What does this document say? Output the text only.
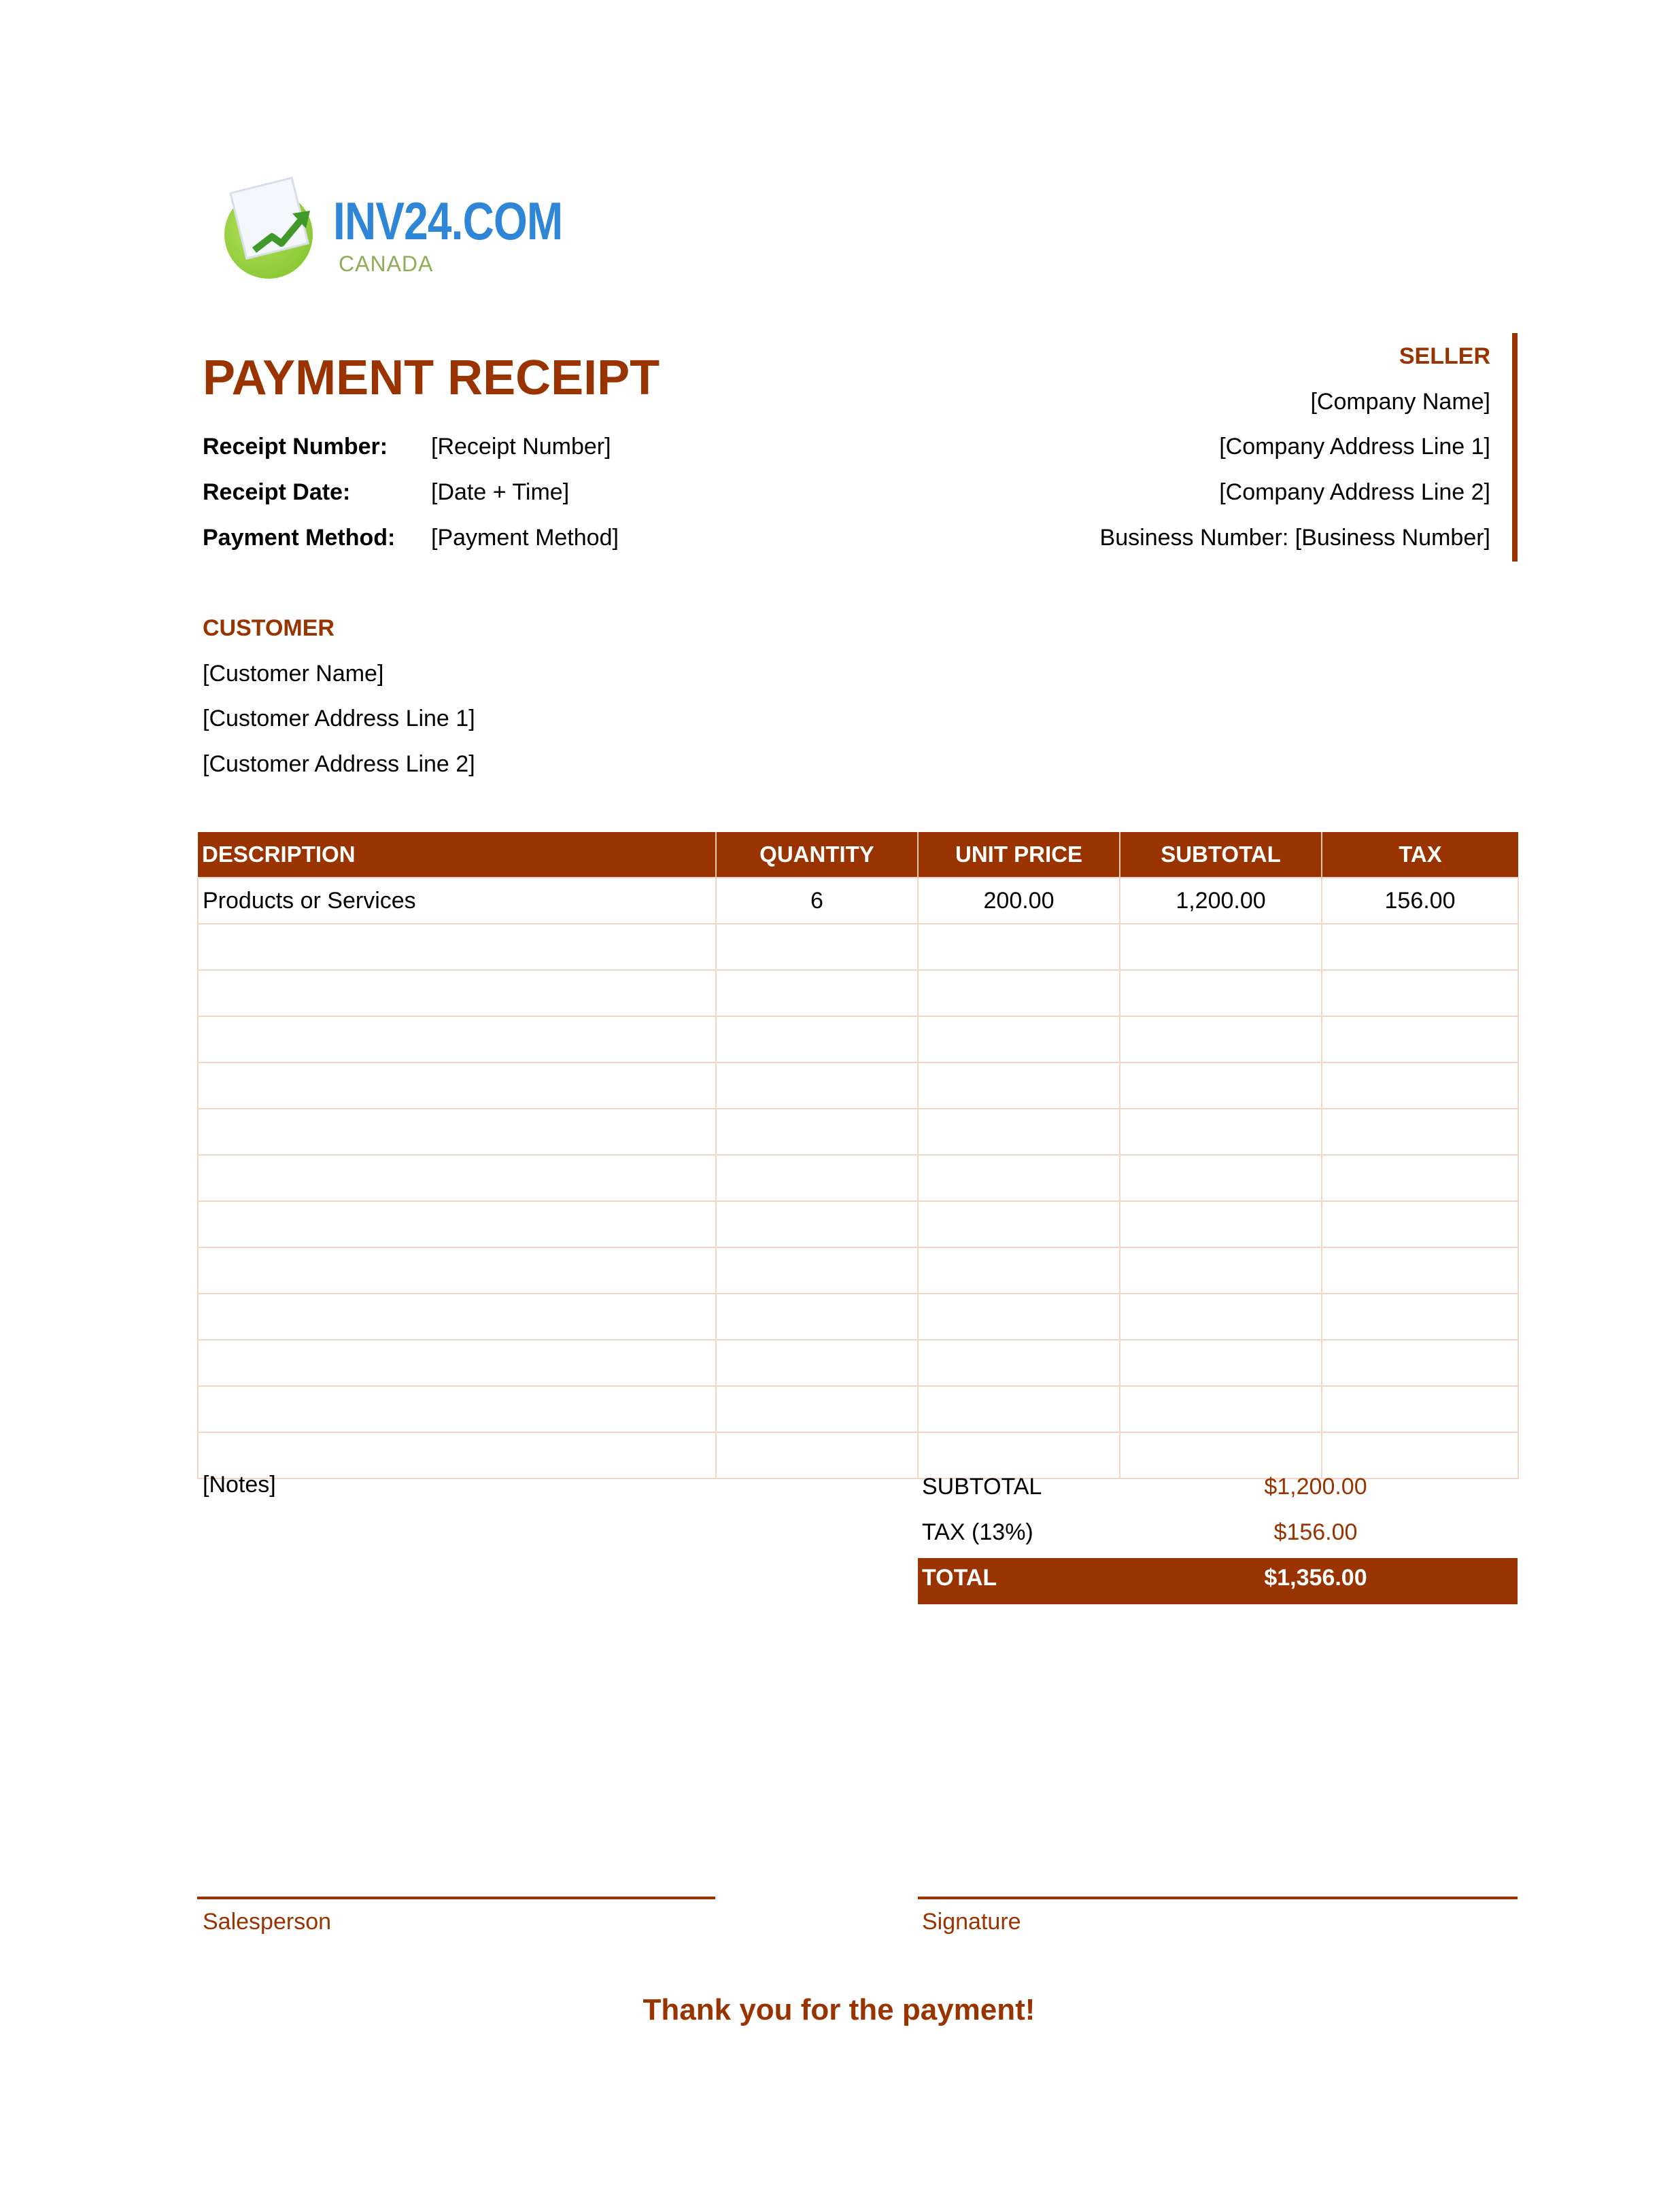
INV24.COM
CANADA
PAYMENT RECEIPT
Receipt Number: [Receipt Number]
Receipt Date:	[Date + Time]
Payment Method: [Payment Method]
SELLER
[Company Name]
[Company Address Line 1]
[Company Address Line 2]
Business Number: [Business Number]
CUSTOMER
[Customer Name]
[Customer Address Line 1]
[Customer Address Line 2]
DESCRIPTION	QUANTITY	UNIT PRICE	SUBTOTAL	TAX
Products or Services	6	200.00	1,200.00	156.00

[Notes]	SUBTOTAL	$1,200.00
TAX (13%)	$156.00
TOTAL	$1,356.00
Salesperson	Signature
Thank you for the payment!
